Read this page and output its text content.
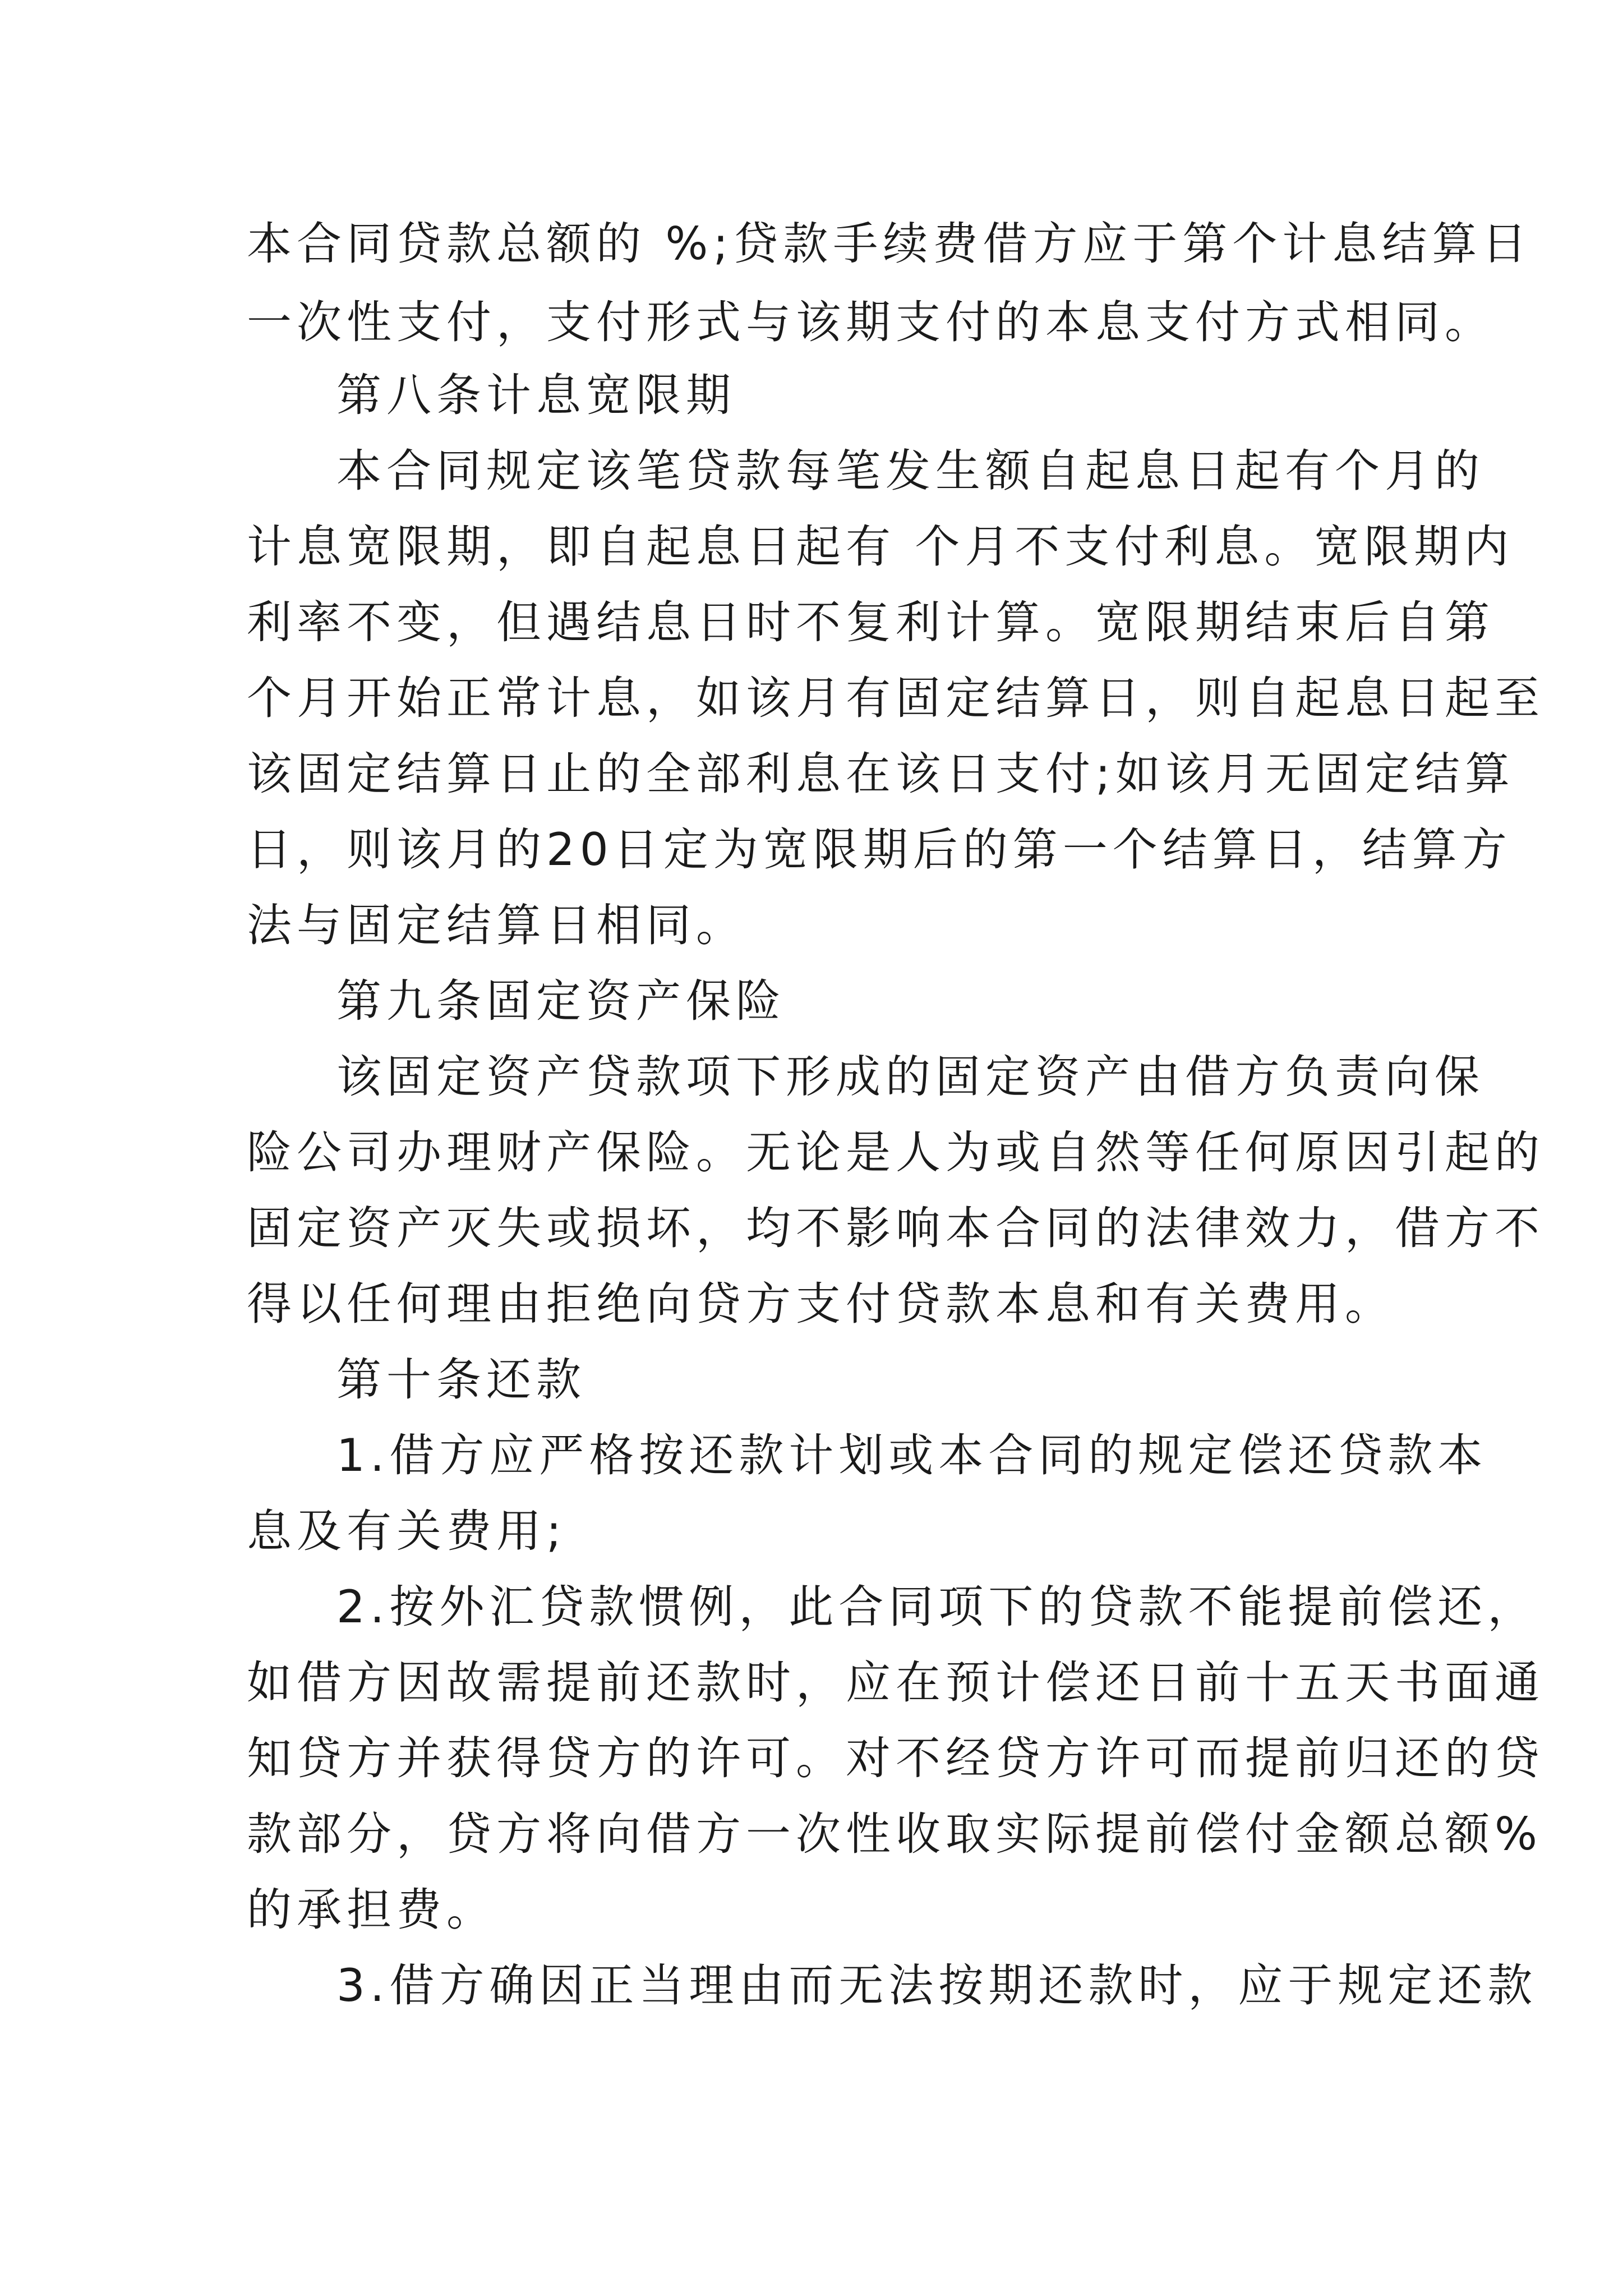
本合同贷款总额的 %;贷款手续费借方应于第个计息结算日
一次性支付，支付形式与该期支付的本息支付方式相同。
第八条计息宽限期
本合同规定该笔贷款每笔发生额自起息日起有个月的
计息宽限期，即自起息日起有 个月不支付利息。宽限期内
利率不变，但遇结息日时不复利计算。宽限期结束后自第
个月开始正常计息，如该月有固定结算日，则自起息日起至
该固定结算日止的全部利息在该日支付;如该月无固定结算
日，则该月的20日定为宽限期后的第一个结算日，结算方
法与固定结算日相同。
第九条固定资产保险
该固定资产贷款项下形成的固定资产由借方负责向保
险公司办理财产保险。无论是人为或自然等任何原因引起的
固定资产灭失或损坏，均不影响本合同的法律效力，借方不
得以任何理由拒绝向贷方支付贷款本息和有关费用。
第十条还款
1.借方应严格按还款计划或本合同的规定偿还贷款本
息及有关费用;
2.按外汇贷款惯例，此合同项下的贷款不能提前偿还，
如借方因故需提前还款时，应在预计偿还日前十五天书面通
知贷方并获得贷方的许可。对不经贷方许可而提前归还的贷
款部分，贷方将向借方一次性收取实际提前偿付金额总额%
的承担费。
3.借方确因正当理由而无法按期还款时，应于规定还款
